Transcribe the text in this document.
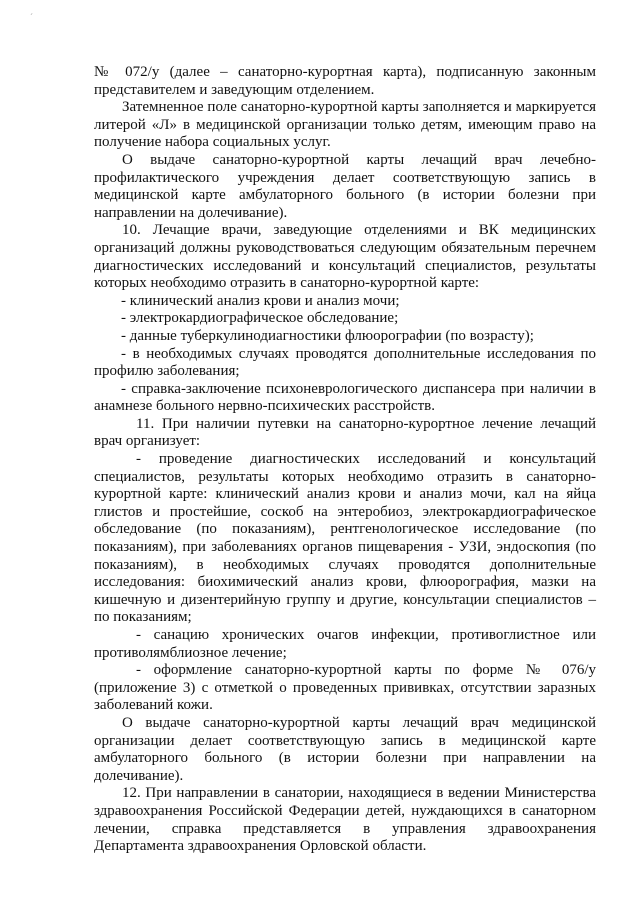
´

№ 072/у (далее – санаторно-курортная карта), подписанную законным представителем и заведующим отделением.

Затемненное поле санаторно-курортной карты заполняется и маркируется литерой «Л» в медицинской организации только детям, имеющим право на получение набора социальных услуг.

О выдаче санаторно-курортной карты лечащий врач лечебно-профилактического учреждения делает соответствующую запись в медицинской карте амбулаторного больного (в истории болезни при направлении на долечивание).

10. Лечащие врачи, заведующие отделениями и ВК медицинских организаций должны руководствоваться следующим обязательным перечнем диагностических исследований и консультаций специалистов, результаты которых необходимо отразить в санаторно-курортной карте:

- клинический анализ крови и анализ мочи;

- электрокардиографическое обследование;

- данные туберкулинодиагностики флюорографии (по возрасту);

- в необходимых случаях проводятся дополнительные исследования по профилю заболевания;

- справка-заключение психоневрологического диспансера при наличии в анамнезе больного нервно-психических расстройств.

11. При наличии путевки на санаторно-курортное лечение лечащий врач организует:

- проведение диагностических исследований и консультаций специалистов, результаты которых необходимо отразить в санаторно-курортной карте: клинический анализ крови и анализ мочи, кал на яйца глистов и простейшие, соскоб на энтеробиоз, электрокардиографическое обследование (по показаниям), рентгенологическое исследование (по показаниям), при заболеваниях органов пищеварения - УЗИ, эндоскопия (по показаниям), в необходимых случаях проводятся дополнительные исследования: биохимический анализ крови, флюорография, мазки на кишечную и дизентерийную группу и другие, консультации специалистов – по показаниям;

- санацию хронических очагов инфекции, противоглистное или противолямблиозное лечение;

- оформление санаторно-курортной карты по форме № 076/у (приложение 3) с отметкой о проведенных прививках, отсутствии заразных заболеваний кожи.

О выдаче санаторно-курортной карты лечащий врач медицинской организации делает соответствующую запись в медицинской карте амбулаторного больного (в истории болезни при направлении на долечивание).

12. При направлении в санатории, находящиеся в ведении Министерства здравоохранения Российской Федерации детей, нуждающихся в санаторном лечении, справка представляется в управления здравоохранения Департамента здравоохранения Орловской области.
